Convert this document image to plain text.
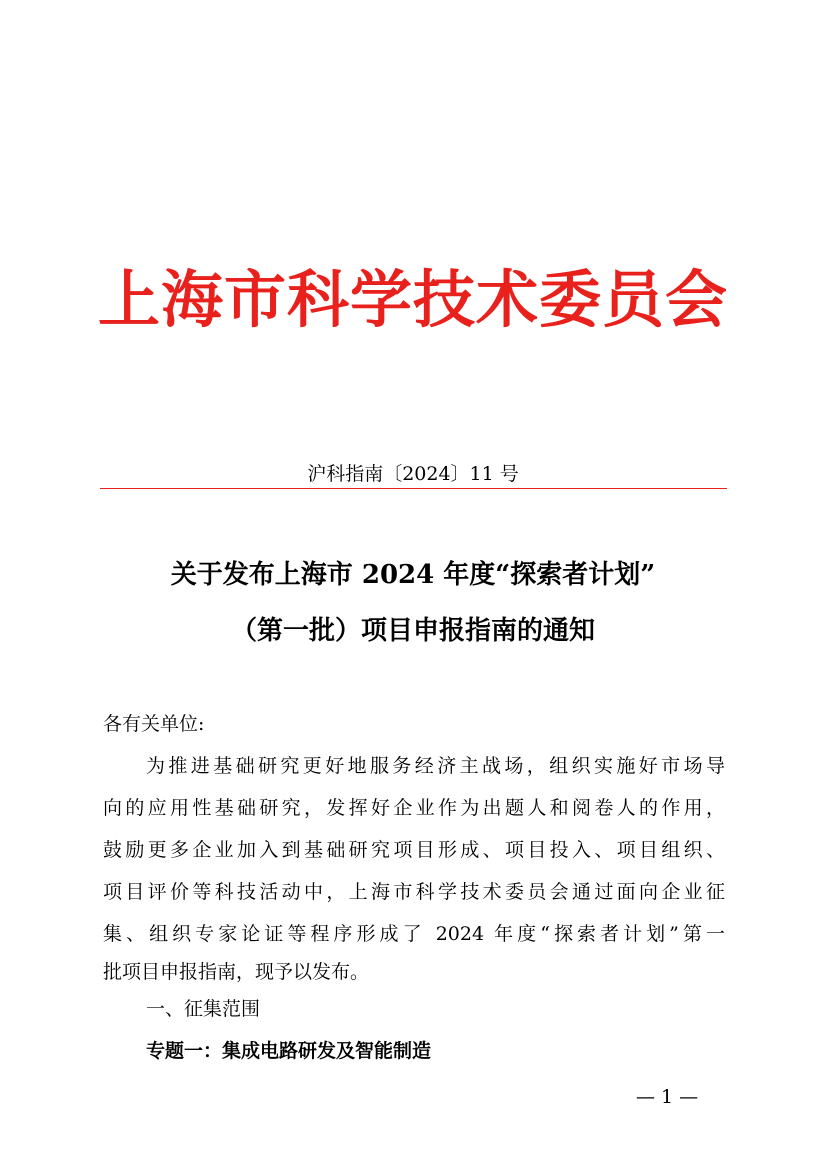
上海市科学技术委员会
沪科指南〔2024〕11 号
关于发布上海市 2024 年度“探索者计划”
（第一批）项目申报指南的通知
各有关单位:
为推进基础研究更好地服务经济主战场，组织实施好市场导
向的应用性基础研究，发挥好企业作为出题人和阅卷人的作用，
鼓励更多企业加入到基础研究项目形成、项目投入、项目组织、
项目评价等科技活动中，上海市科学技术委员会通过面向企业征
集、组织专家论证等程序形成了 2024 年度“探索者计划”第一
批项目申报指南，现予以发布。
一、征集范围
专题一：集成电路研发及智能制造
— 1 —
